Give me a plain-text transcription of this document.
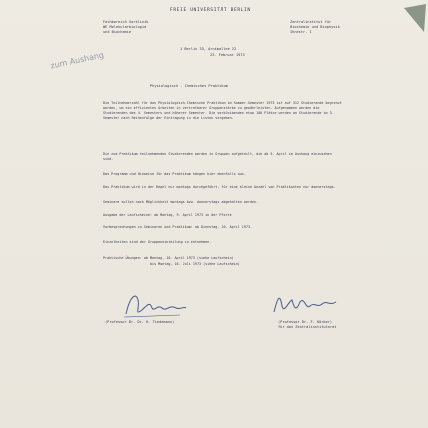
FREIE UNIVERSITÄT BERLIN
Fachbereich Vorklinik
WE Molekularbiologie
und Biochemie
Zentralinstitut für
Biochemie und Biophysik
Ihnestr. I
1 Berlin 33, Arnimallee 22
23. Februar 1973
zum Aushang
Physiologisch - Chemisches Praktikum
Die Teilnehmerzahl für das Physiologisch-Chemische Praktikum im Sommer-Semester 1973 ist auf 312 Studierende begrenzt worden, um ein effizientes Arbeiten in vertretbarer Gruppenstärke zu gewährleisten. Aufgenommen werden die Studierenden des 4. Semesters und höherer Semester. Die verbleibenden etwa 100 Plätze werden an Studierende im 3. Semester nach Reihenfolge der Eintragung in die Listen vergeben.
Die zum Praktikum teilnehmenden Studierenden werden in Gruppen aufgeteilt, die ab 5. April im Aushang einzusehen sind.
Das Programm und Hinweise für das Praktikum hängen hier ebenfalls aus.
Das Praktikum wird in der Regel nur montags durchgeführt, für eine kleine Anzahl von Praktikanten nur donnerstags.
Seminare sollen nach Möglichkeit montags bzw. donnerstags abgehalten werden.
Ausgabe der Laufscheine: ab Montag, 9. April 1973 in der Pforte
Vorbesprechungen zu Seminaren und Praktikum: ab Dienstag, 10. April 1973.
Einzelheiten sind der Gruppeneinteilung zu entnehmen.
Praktische Übungen: ab Montag, 16. April 1973 (siehe Laufschein)
bis Montag, 16. Juli 1973 (siehe Laufschein)
(Professor Dr. Dr. H. Tiedemann)	(Professor Dr. F. Körber)
für den Zentralinstitutsrat
